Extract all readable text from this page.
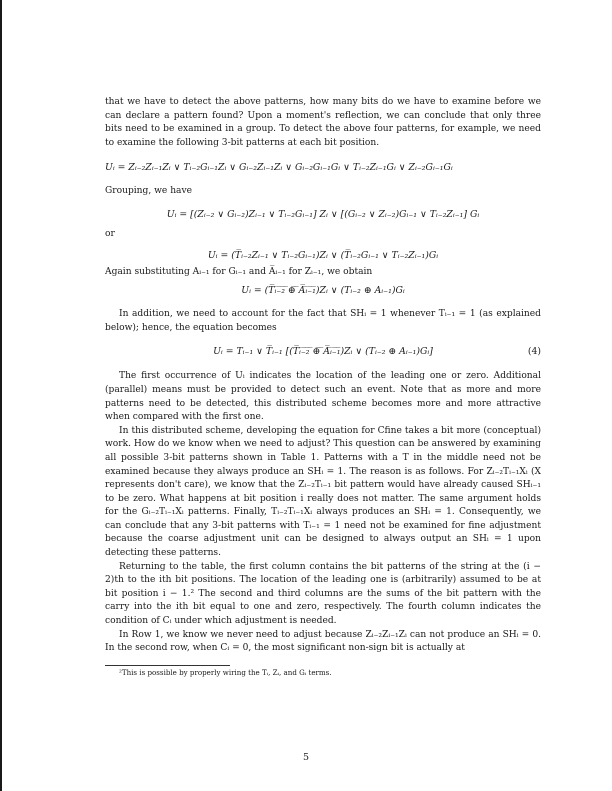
that we have to detect the above patterns, how many bits do we have to examine before we can declare a pattern found? Upon a moment's reflection, we can conclude that only three bits need to be examined in a group. To detect the above four patterns, for example, we need to examine the following 3-bit patterns at each bit position.

Uᵢ = Zᵢ₋₂Zᵢ₋₁Zᵢ ∨ Tᵢ₋₂Gᵢ₋₁Zᵢ ∨ Gᵢ₋₂Zᵢ₋₁Zᵢ ∨ Gᵢ₋₂Gᵢ₋₁Gᵢ ∨ Tᵢ₋₂Zᵢ₋₁Gᵢ ∨ Zᵢ₋₂Gᵢ₋₁Gᵢ

Grouping, we have

Uᵢ = [(Zᵢ₋₂ ∨ Gᵢ₋₂)Zᵢ₋₁ ∨ Tᵢ₋₂Gᵢ₋₁] Zᵢ ∨ [(Gᵢ₋₂ ∨ Zᵢ₋₂)Gᵢ₋₁ ∨ Tᵢ₋₂Zᵢ₋₁] Gᵢ

or

Uᵢ = (T̅ᵢ₋₂Zᵢ₋₁ ∨ Tᵢ₋₂Gᵢ₋₁)Zᵢ ∨ (T̅ᵢ₋₂Gᵢ₋₁ ∨ Tᵢ₋₂Zᵢ₋₁)Gᵢ

Again substituting Aᵢ₋₁ for Gᵢ₋₁ and A̅ᵢ₋₁ for Zᵢ₋₁, we obtain

Uᵢ = (T̅ᵢ̅₋̅₂̅ ̅⊕̅ ̅A̅ᵢ̅₋̅₁̅)Zᵢ ∨ (Tᵢ₋₂ ⊕ Aᵢ₋₁)Gᵢ

In addition, we need to account for the fact that SHᵢ = 1 whenever Tᵢ₋₁ = 1 (as explained below); hence, the equation becomes

Uᵢ = Tᵢ₋₁ ∨ T̅ᵢ₋₁ [(T̅ᵢ̅₋̅₂̅ ̅⊕̅ ̅A̅ᵢ̅₋̅₁̅)Zᵢ ∨ (Tᵢ₋₂ ⊕ Aᵢ₋₁)Gᵢ]	(4)

The first occurrence of Uᵢ indicates the location of the leading one or zero. Additional (parallel) means must be provided to detect such an event. Note that as more and more patterns need to be detected, this distributed scheme becomes more and more attractive when compared with the first one.

In this distributed scheme, developing the equation for Cfine takes a bit more (conceptual) work. How do we know when we need to adjust? This question can be answered by examining all possible 3-bit patterns shown in Table 1. Patterns with a T in the middle need not be examined because they always produce an SHᵢ = 1. The reason is as follows. For Zᵢ₋₂Tᵢ₋₁Xᵢ (X represents don't care), we know that the Zᵢ₋₂Tᵢ₋₁ bit pattern would have already caused SHᵢ₋₁ to be zero. What happens at bit position i really does not matter. The same argument holds for the Gᵢ₋₂Tᵢ₋₁Xᵢ patterns. Finally, Tᵢ₋₂Tᵢ₋₁Xᵢ always produces an SHᵢ = 1. Consequently, we can conclude that any 3-bit patterns with Tᵢ₋₁ = 1 need not be examined for fine adjustment because the coarse adjustment unit can be designed to always output an SHᵢ = 1 upon detecting these patterns.

Returning to the table, the first column contains the bit patterns of the string at the (i − 2)th to the ith bit positions. The location of the leading one is (arbitrarily) assumed to be at bit position i − 1.² The second and third columns are the sums of the bit pattern with the carry into the ith bit equal to one and zero, respectively. The fourth column indicates the condition of Cᵢ under which adjustment is needed.

In Row 1, we know we never need to adjust because Zᵢ₋₂Zᵢ₋₁Zᵢ can not produce an SHᵢ = 0. In the second row, when Cᵢ = 0, the most significant non-sign bit is actually at

²This is possible by properly wiring the Tᵢ, Zᵢ, and Gᵢ terms.
5
